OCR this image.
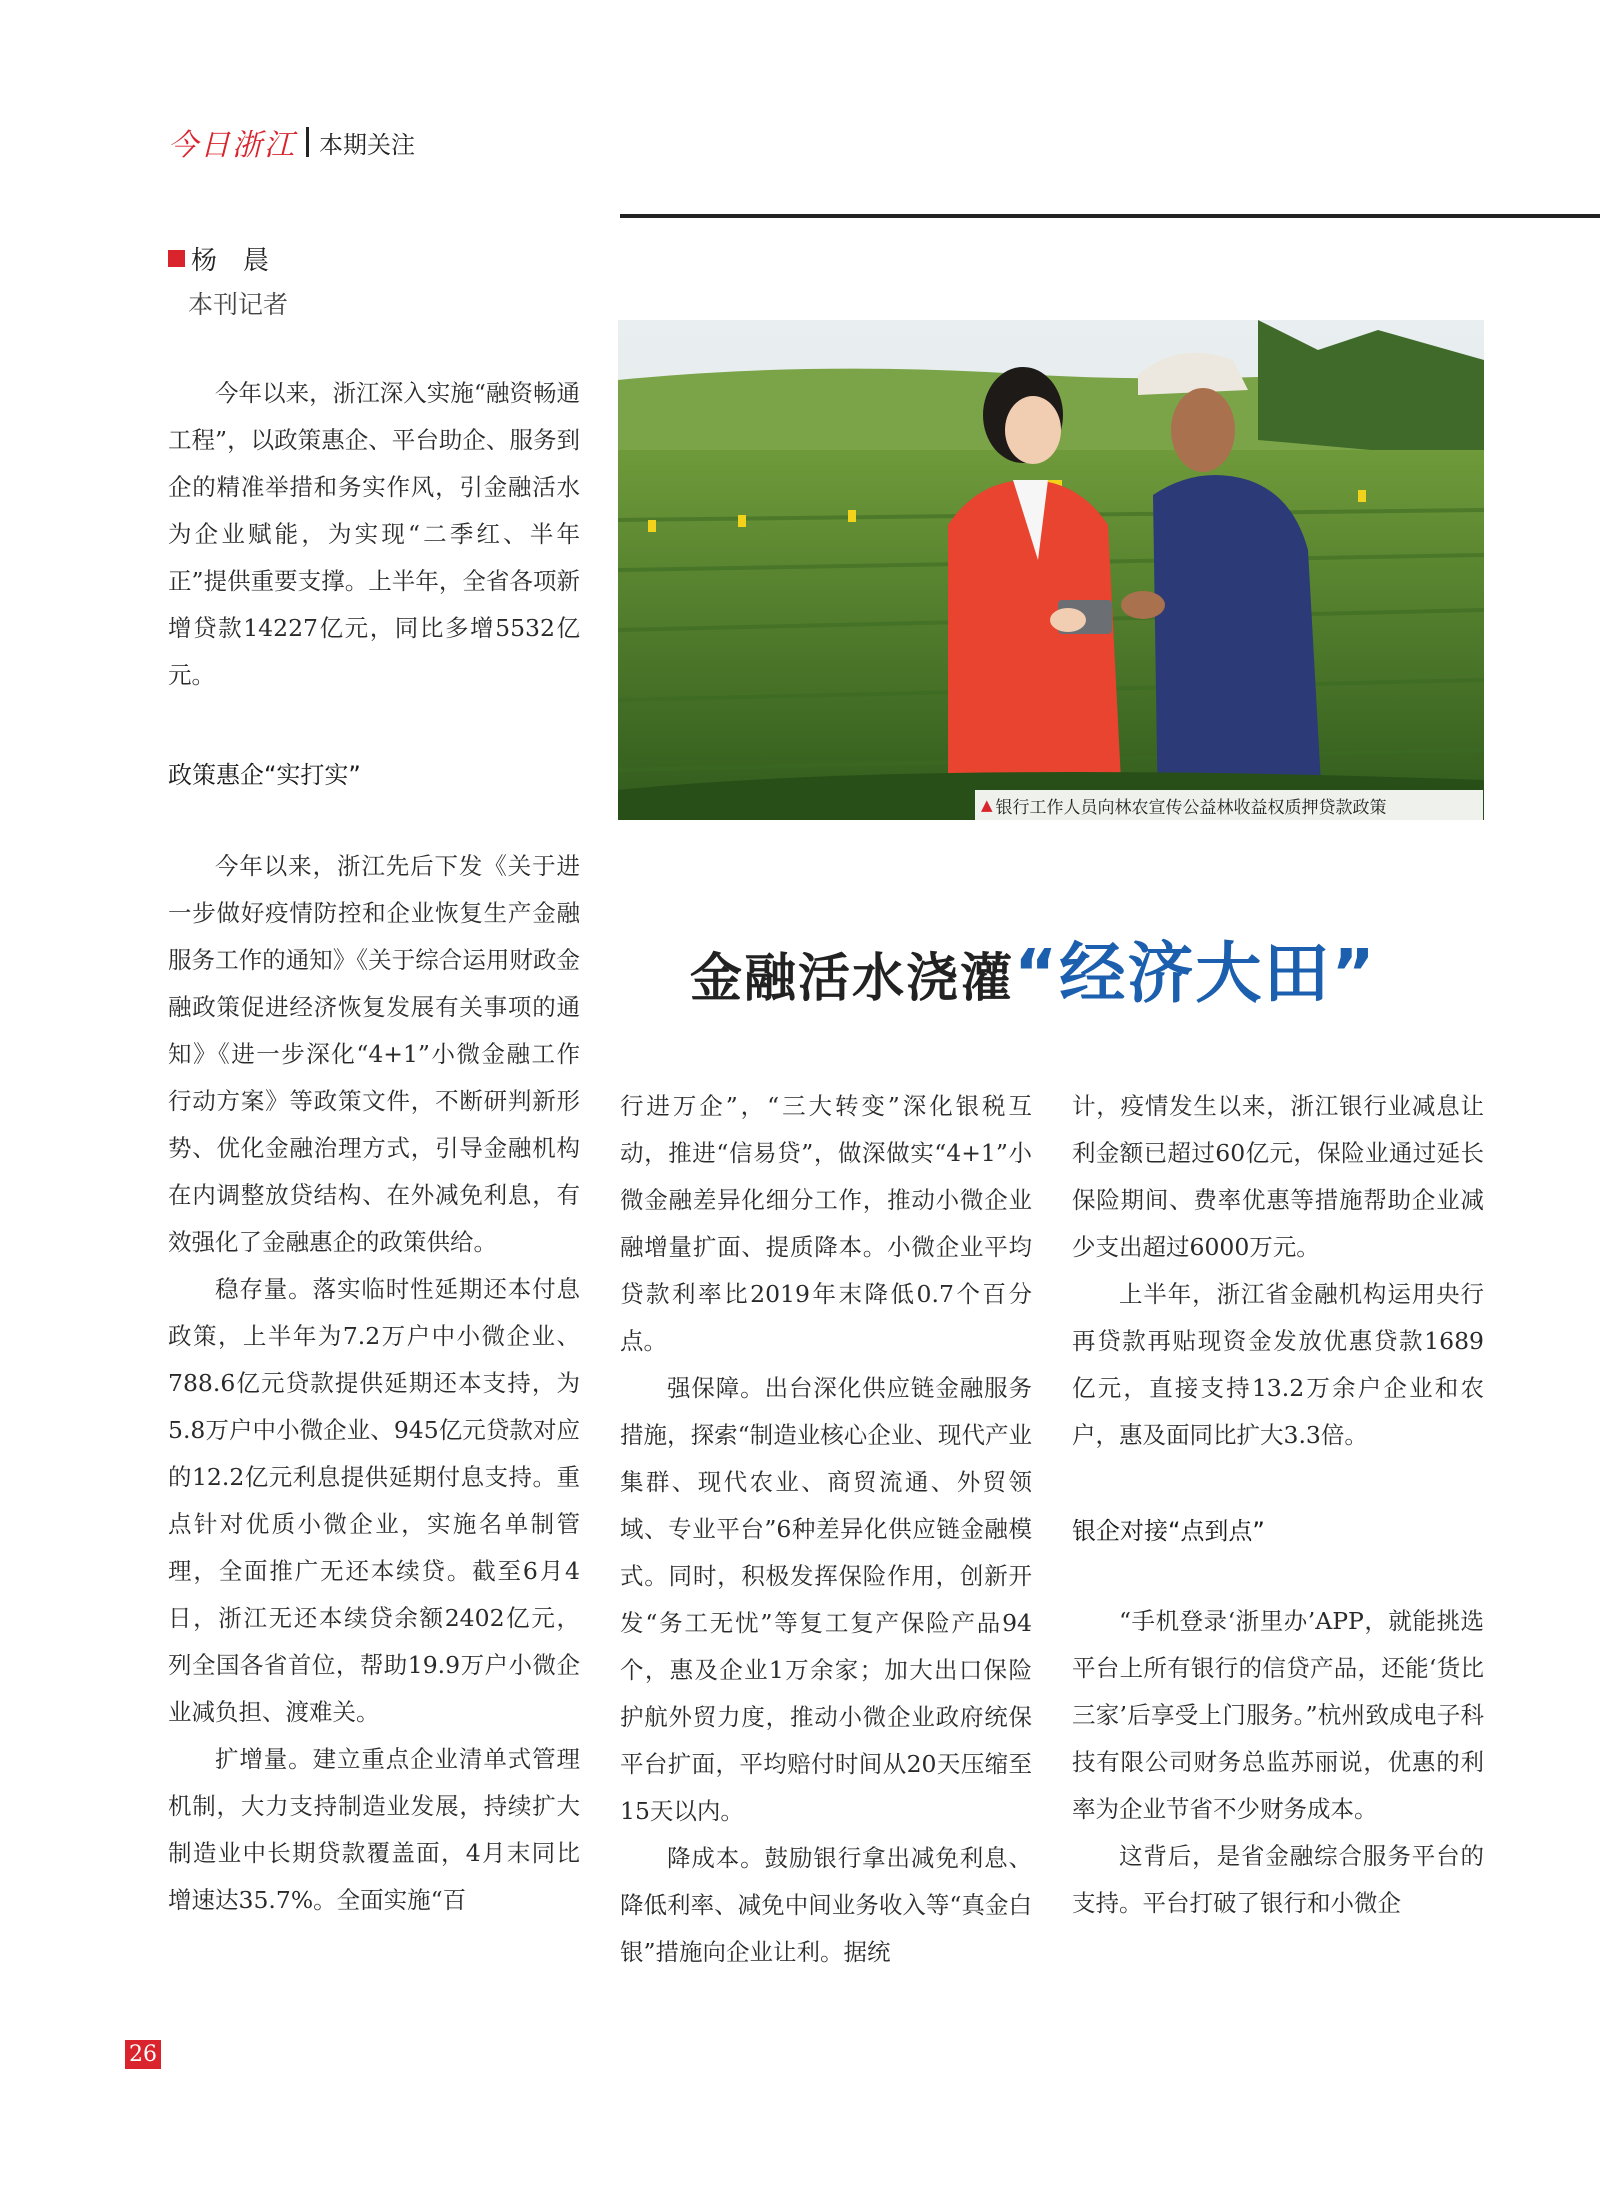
今日浙江 本期关注
杨　晨
本刊记者
▲ 银行工作人员向林农宣传公益林收益权质押贷款政策
金融活水浇灌“经济大田”

今年以来，浙江深入实施“融资畅通工程”，以政策惠企、平台助企、服务到企的精准举措和务实作风，引金融活水为企业赋能，为实现“二季红、半年正”提供重要支撑。上半年，全省各项新增贷款14227亿元，同比多增5532亿元。

政策惠企“实打实”

今年以来，浙江先后下发《关于进一步做好疫情防控和企业恢复生产金融服务工作的通知》《关于综合运用财政金融政策促进经济恢复发展有关事项的通知》《进一步深化“4+1”小微金融工作行动方案》等政策文件，不断研判新形势、优化金融治理方式，引导金融机构在内调整放贷结构、在外减免利息，有效强化了金融惠企的政策供给。

稳存量。落实临时性延期还本付息政策，上半年为7.2万户中小微企业、788.6亿元贷款提供延期还本支持，为5.8万户中小微企业、945亿元贷款对应的12.2亿元利息提供延期付息支持。重点针对优质小微企业，实施名单制管理，全面推广无还本续贷。截至6月4日，浙江无还本续贷余额2402亿元，列全国各省首位，帮助19.9万户小微企业减负担、渡难关。

扩增量。建立重点企业清单式管理机制，大力支持制造业发展，持续扩大制造业中长期贷款覆盖面，4月末同比增速达35.7%。全面实施“百

行进万企”，“三大转变”深化银税互动，推进“信易贷”，做深做实“4+1”小微金融差异化细分工作，推动小微企业融增量扩面、提质降本。小微企业平均贷款利率比2019年末降低0.7个百分点。

强保障。出台深化供应链金融服务措施，探索“制造业核心企业、现代产业集群、现代农业、商贸流通、外贸领域、专业平台”6种差异化供应链金融模式。同时，积极发挥保险作用，创新开发“务工无忧”等复工复产保险产品94个，惠及企业1万余家；加大出口保险护航外贸力度，推动小微企业政府统保平台扩面，平均赔付时间从20天压缩至15天以内。

降成本。鼓励银行拿出减免利息、降低利率、减免中间业务收入等“真金白银”措施向企业让利。据统

计，疫情发生以来，浙江银行业减息让利金额已超过60亿元，保险业通过延长保险期间、费率优惠等措施帮助企业减少支出超过6000万元。

上半年，浙江省金融机构运用央行再贷款再贴现资金发放优惠贷款1689亿元，直接支持13.2万余户企业和农户，惠及面同比扩大3.3倍。

银企对接“点到点”

“手机登录‘浙里办’APP，就能挑选平台上所有银行的信贷产品，还能‘货比三家’后享受上门服务。”杭州致成电子科技有限公司财务总监苏丽说，优惠的利率为企业节省不少财务成本。

这背后，是省金融综合服务平台的支持。平台打破了银行和小微企

26
